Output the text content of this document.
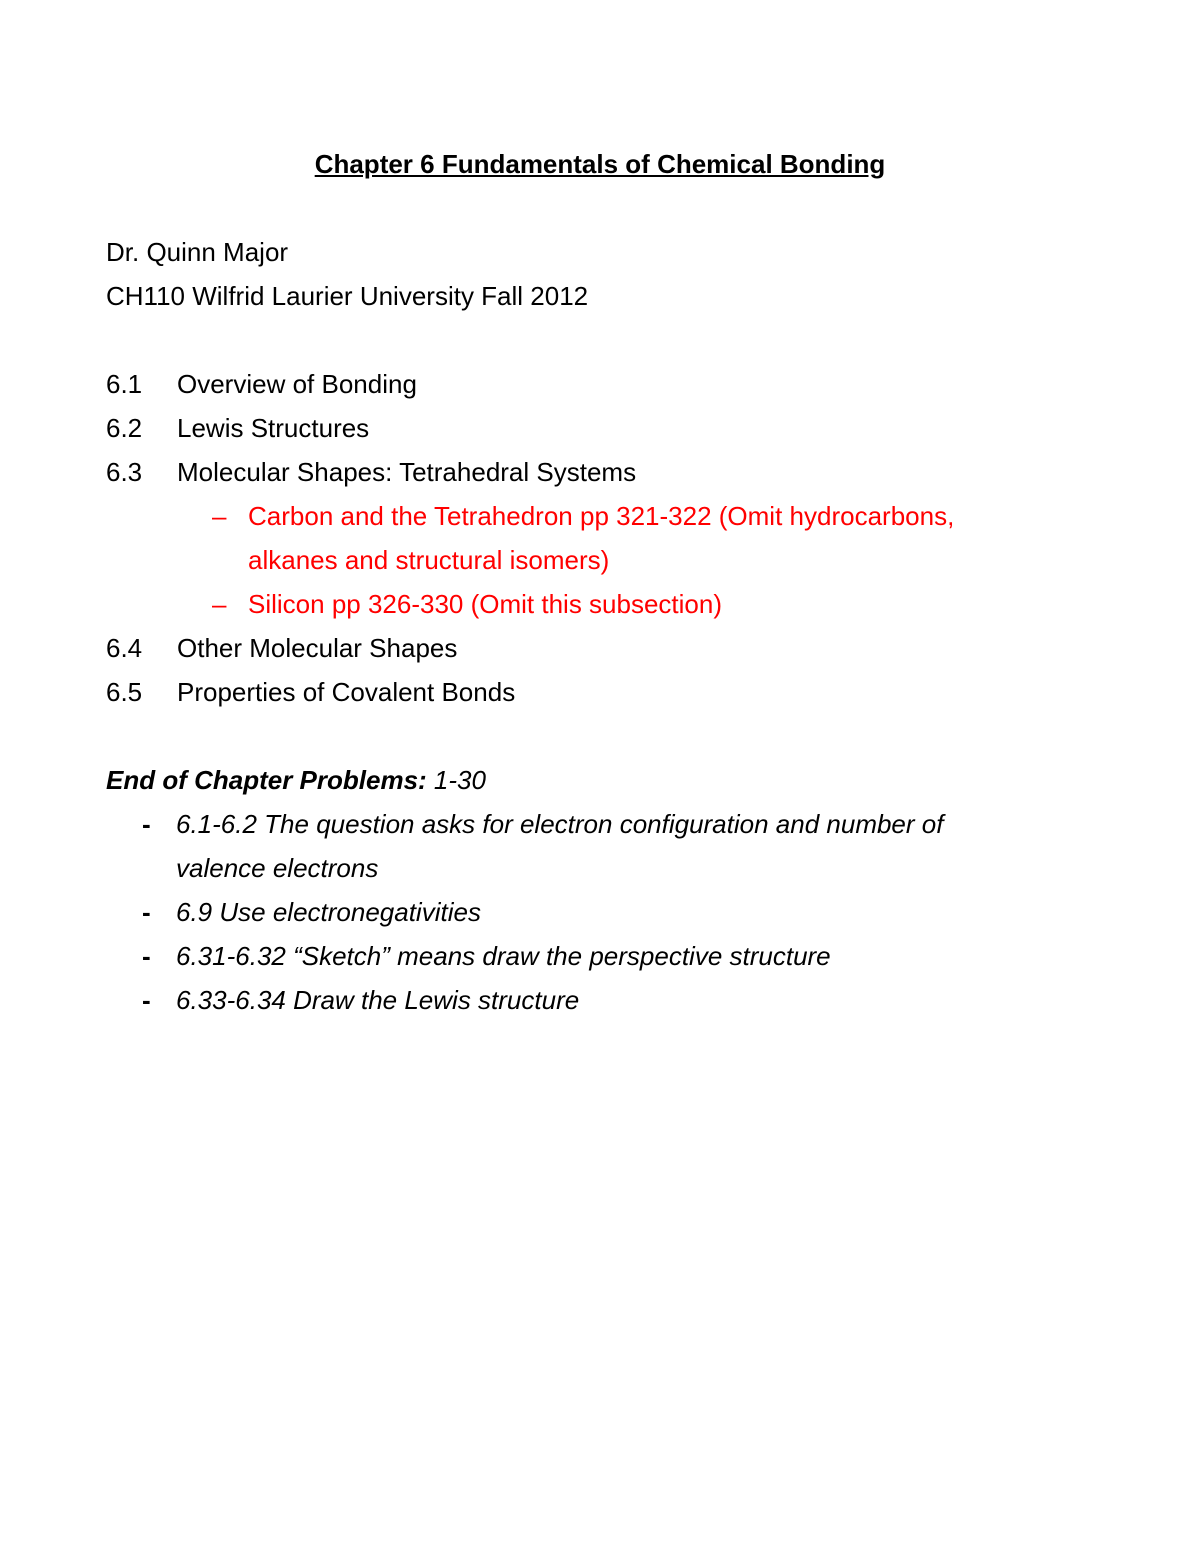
Chapter 6 Fundamentals of Chemical Bonding
Dr. Quinn Major
CH110 Wilfrid Laurier University Fall 2012
6.1 Overview of Bonding
6.2 Lewis Structures
6.3 Molecular Shapes: Tetrahedral Systems
– Carbon and the Tetrahedron pp 321-322 (Omit hydrocarbons,
alkanes and structural isomers)
– Silicon pp 326-330 (Omit this subsection)
6.4 Other Molecular Shapes
6.5 Properties of Covalent Bonds
End of Chapter Problems: 1-30
- 6.1-6.2 The question asks for electron configuration and number of
valence electrons
- 6.9 Use electronegativities
- 6.31-6.32 “Sketch” means draw the perspective structure
- 6.33-6.34 Draw the Lewis structure
